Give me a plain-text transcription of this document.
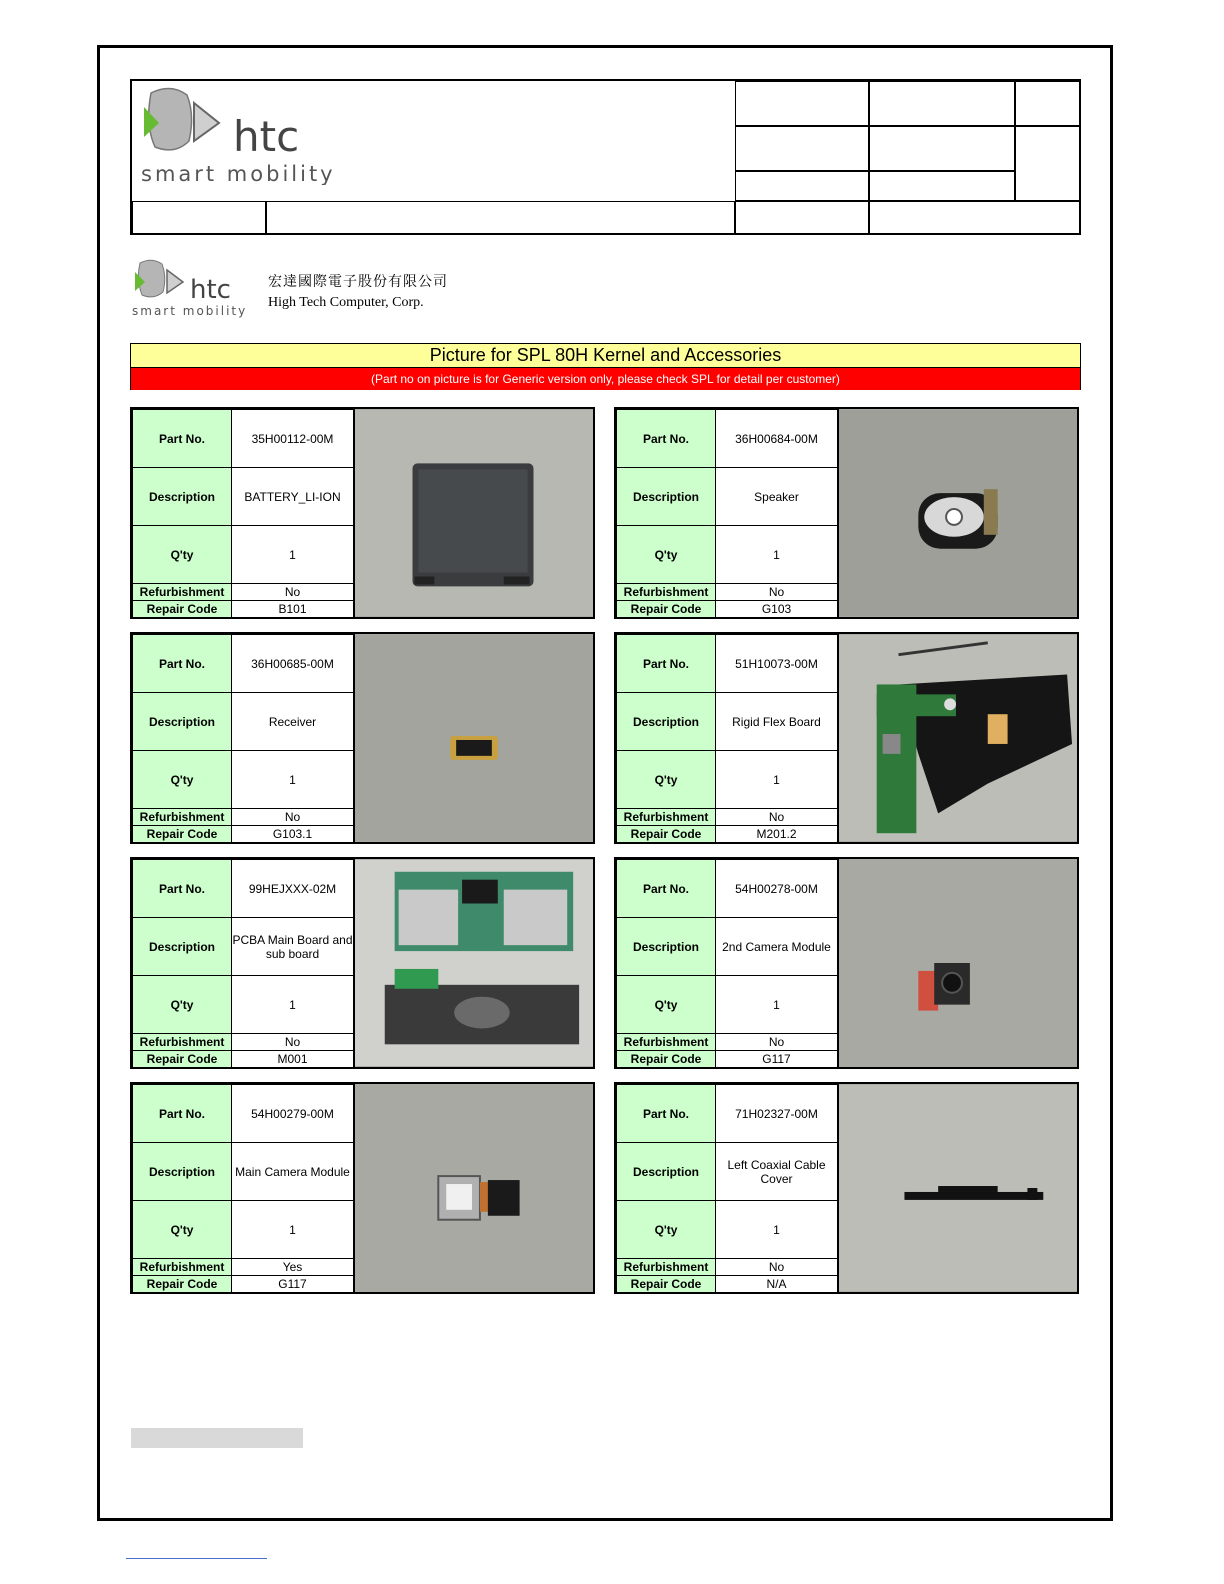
htc
smart mobility
htc
smart mobility
宏達國際電子股份有限公司
High Tech Computer, Corp.
Picture for SPL 80H Kernel and Accessories
(Part no on picture is for Generic version only, please check SPL for detail per customer)
Part No.	35H00112-00M
Description	BATTERY_LI-ION
Q'ty	1
Refurbishment	No
Repair Code	B101
Part No.	36H00684-00M
Description	Speaker
Q'ty	1
Refurbishment	No
Repair Code	G103
Part No.	36H00685-00M
Description	Receiver
Q'ty	1
Refurbishment	No
Repair Code	G103.1
Part No.	51H10073-00M
Description	Rigid Flex Board
Q'ty	1
Refurbishment	No
Repair Code	M201.2
Part No.	99HEJXXX-02M
Description	PCBA Main Board and sub board
Q'ty	1
Refurbishment	No
Repair Code	M001
Part No.	54H00278-00M
Description	2nd Camera Module
Q'ty	1
Refurbishment	No
Repair Code	G117
Part No.	54H00279-00M
Description	Main Camera Module
Q'ty	1
Refurbishment	Yes
Repair Code	G117
Part No.	71H02327-00M
Description	Left Coaxial Cable Cover
Q'ty	1
Refurbishment	No
Repair Code	N/A
